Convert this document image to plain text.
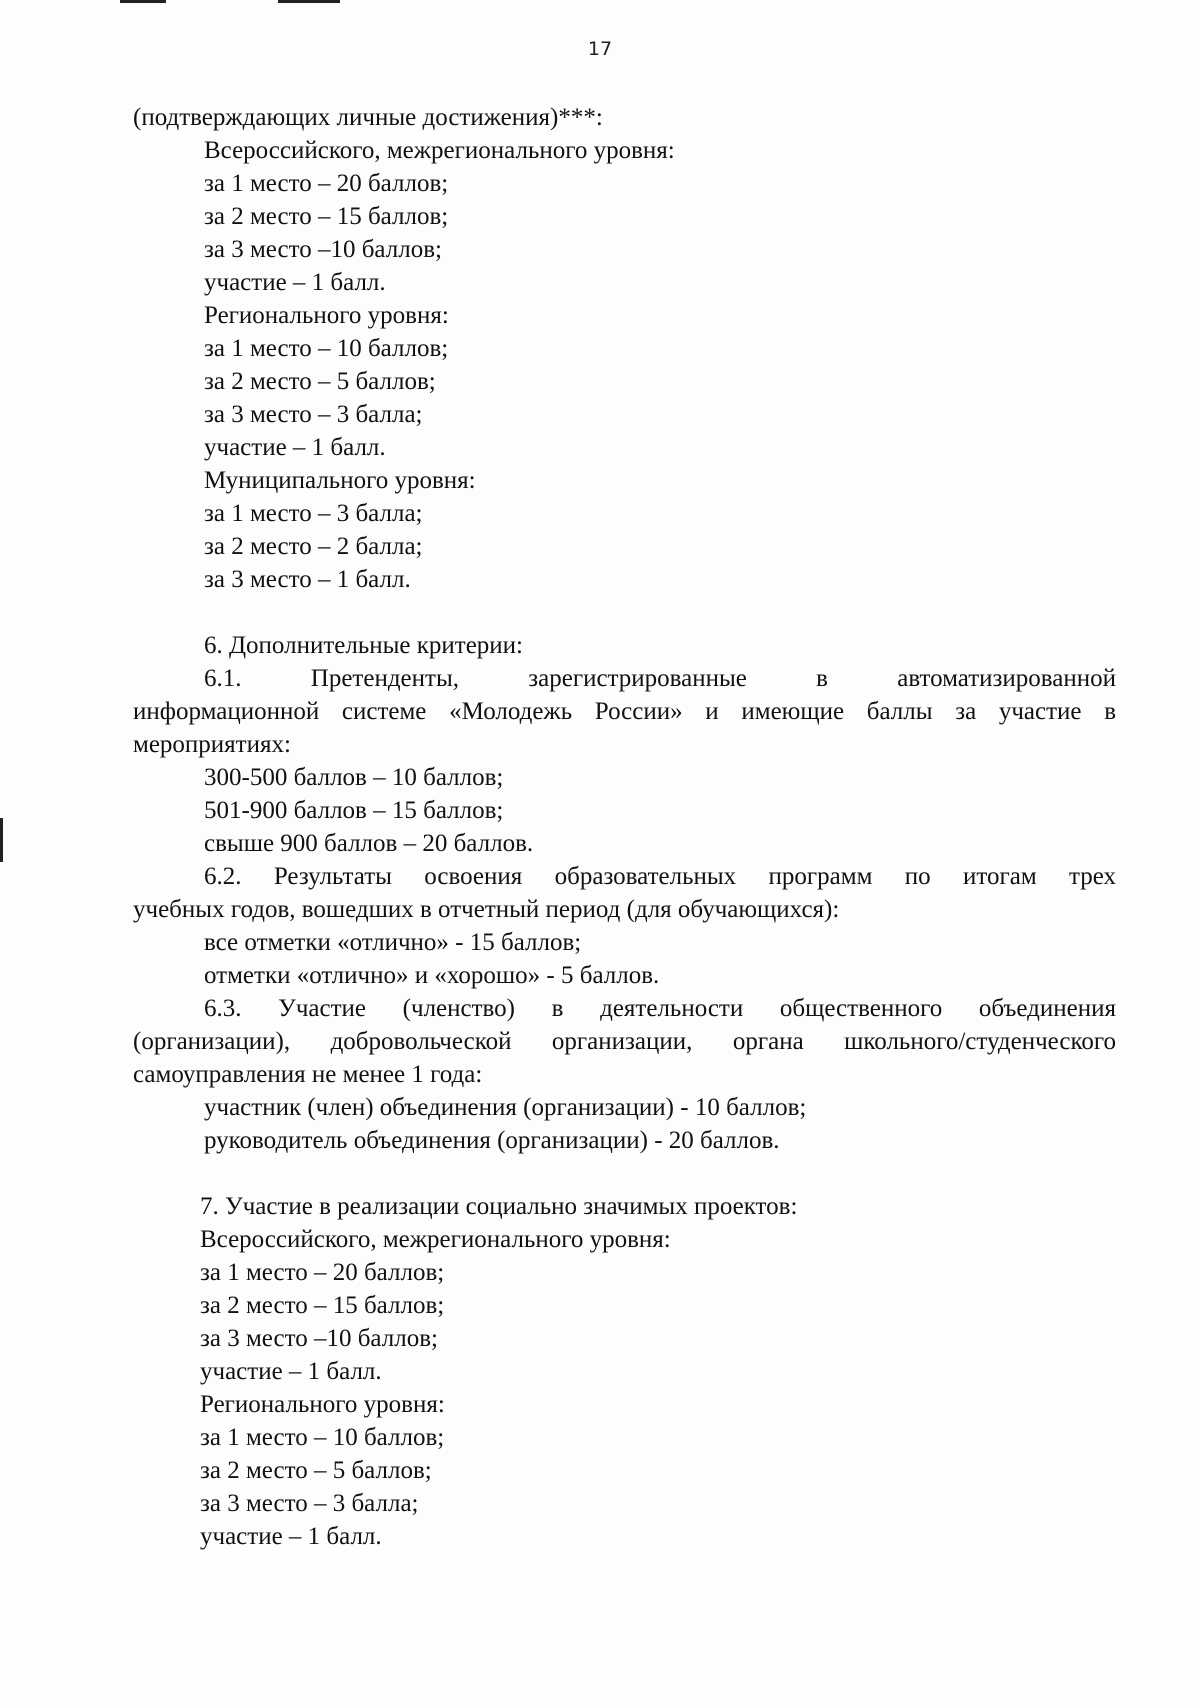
17
(подтверждающих личные достижения)***:
Всероссийского, межрегионального уровня:
за 1 место – 20 баллов;
за 2 место – 15 баллов;
за 3 место –10 баллов;
участие – 1 балл.
Регионального уровня:
за 1 место – 10 баллов;
за 2 место – 5 баллов;
за 3 место – 3 балла;
участие – 1 балл.
Муниципального уровня:
за 1 место – 3 балла;
за 2 место – 2 балла;
за 3 место – 1 балл.
6. Дополнительные критерии:
6.1. Претенденты, зарегистрированные в автоматизированной
информационной системе «Молодежь России» и имеющие баллы за участие в
мероприятиях:
300-500 баллов – 10 баллов;
501-900 баллов – 15 баллов;
свыше 900 баллов – 20 баллов.
6.2. Результаты освоения образовательных программ по итогам трех
учебных годов, вошедших в отчетный период (для обучающихся):
все отметки «отлично» - 15 баллов;
отметки «отлично» и «хорошо» - 5 баллов.
6.3. Участие (членство) в деятельности общественного объединения
(организации), добровольческой организации, органа школьного/студенческого
самоуправления не менее 1 года:
участник (член) объединения (организации) - 10 баллов;
руководитель объединения (организации) - 20 баллов.
7. Участие в реализации социально значимых проектов:
Всероссийского, межрегионального уровня:
за 1 место – 20 баллов;
за 2 место – 15 баллов;
за 3 место –10 баллов;
участие – 1 балл.
Регионального уровня:
за 1 место – 10 баллов;
за 2 место – 5 баллов;
за 3 место – 3 балла;
участие – 1 балл.
